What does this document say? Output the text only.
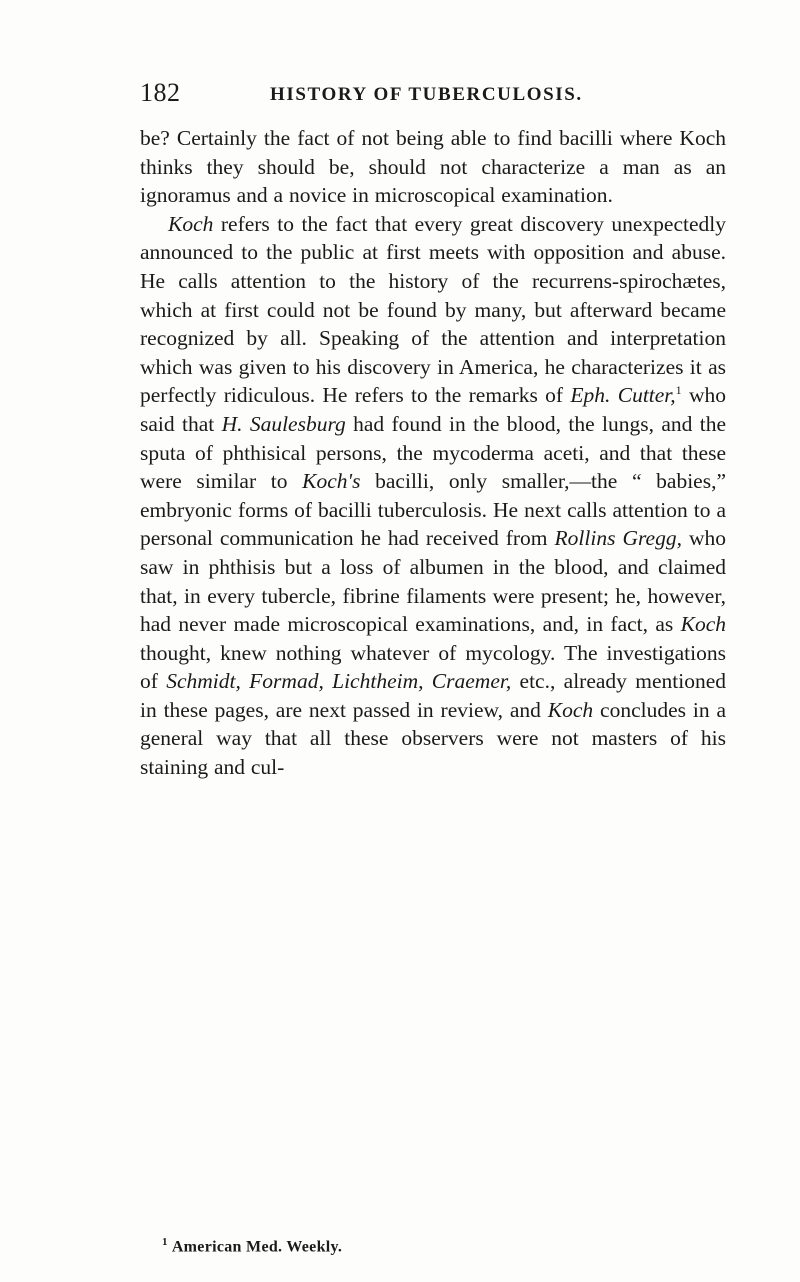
182	HISTORY OF TUBERCULOSIS.

be? Certainly the fact of not being able to find bacilli where Koch thinks they should be, should not characterize a man as an ignoramus and a novice in microscopical examination.

Koch refers to the fact that every great discovery unexpectedly announced to the public at first meets with opposition and abuse. He calls attention to the history of the recurrens-spirochætes, which at first could not be found by many, but afterward became recognized by all. Speaking of the attention and interpretation which was given to his discovery in America, he characterizes it as perfectly ridiculous. He refers to the remarks of Eph. Cutter,$^1$ who said that H. Saulesburg had found in the blood, the lungs, and the sputa of phthisical persons, the mycoderma aceti, and that these were similar to Koch's bacilli, only smaller,—the “ babies,” embryonic forms of bacilli tuberculosis. He next calls attention to a personal communication he had received from Rollins Gregg, who saw in phthisis but a loss of albumen in the blood, and claimed that, in every tubercle, fibrine filaments were present; he, however, had never made microscopical examinations, and, in fact, as Koch thought, knew nothing whatever of mycology. The investigations of Schmidt, Formad, Lichtheim, Craemer, etc., already mentioned in these pages, are next passed in review, and Koch concludes in a general way that all these observers were not masters of his staining and cul-

$^1$ American Med. Weekly.
